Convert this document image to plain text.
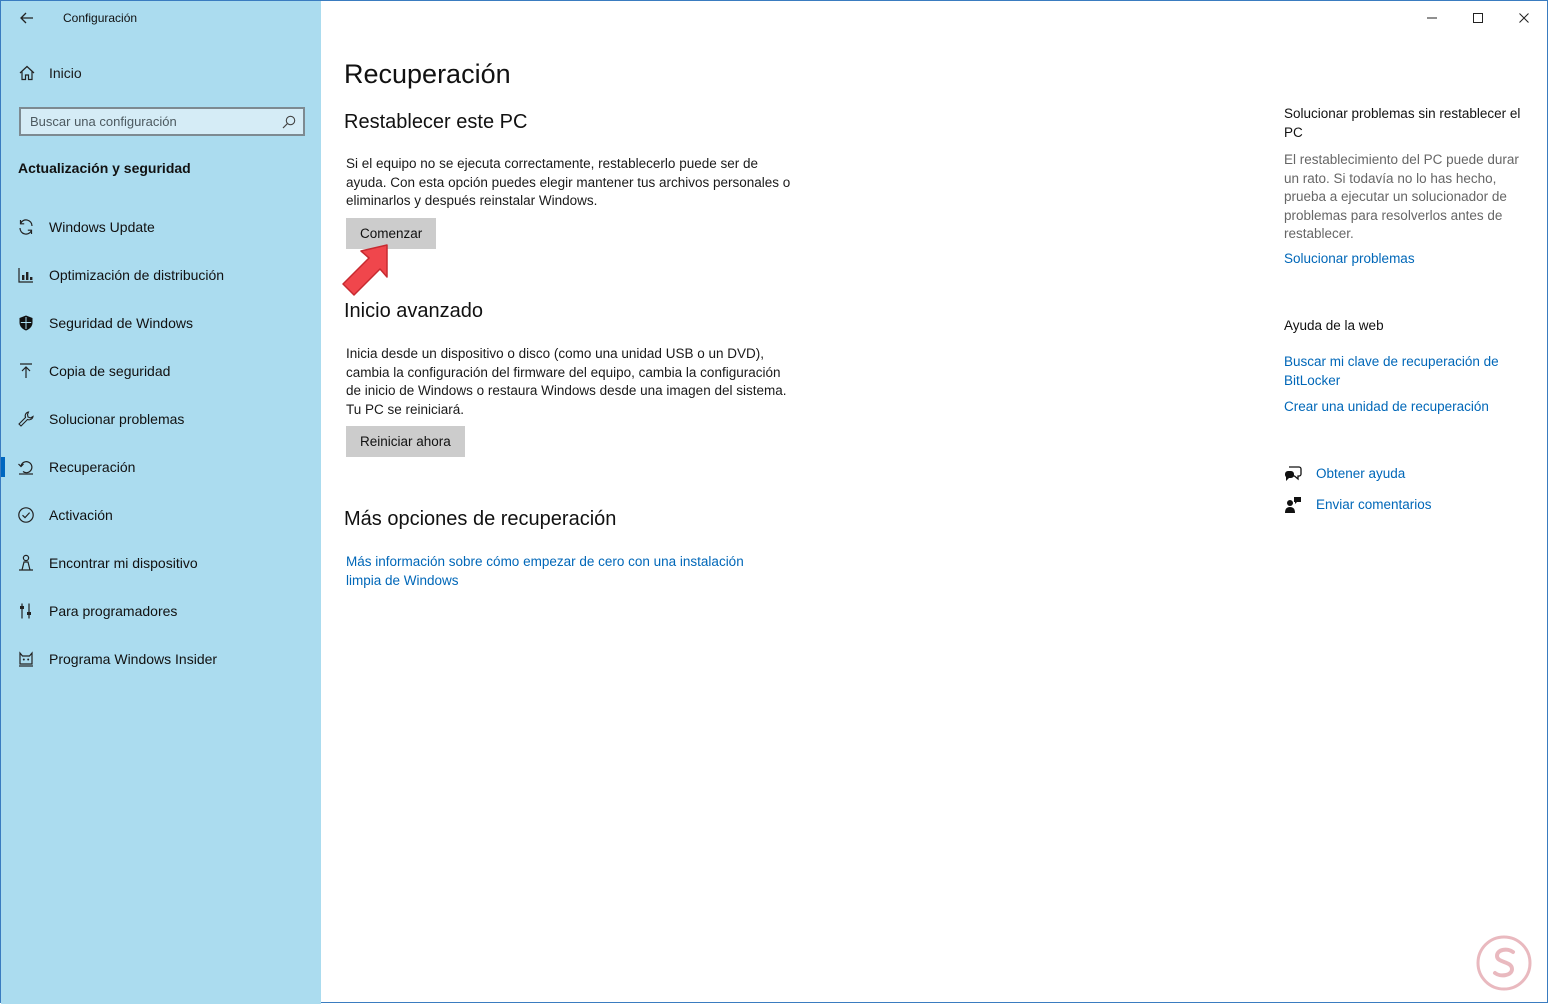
Configuración
Inicio
Buscar una configuración
Actualización y seguridad
Windows Update
Optimización de distribución
Seguridad de Windows
Copia de seguridad
Solucionar problemas
Recuperación
Activación
Encontrar mi dispositivo
Para programadores
Programa Windows Insider
Recuperación
Restablecer este PC
Si el equipo no se ejecuta correctamente, restablecerlo puede ser de ayuda. Con esta opción puedes elegir mantener tus archivos personales o eliminarlos y después reinstalar Windows.
Comenzar
Inicio avanzado
Inicia desde un dispositivo o disco (como una unidad USB o un DVD), cambia la configuración del firmware del equipo, cambia la configuración de inicio de Windows o restaura Windows desde una imagen del sistema. Tu PC se reiniciará.
Reiniciar ahora
Más opciones de recuperación
Más información sobre cómo empezar de cero con una instalación limpia de Windows
Solucionar problemas sin restablecer el PC
El restablecimiento del PC puede durar un rato. Si todavía no lo has hecho, prueba a ejecutar un solucionador de problemas para resolverlos antes de restablecer.
Solucionar problemas
Ayuda de la web
Buscar mi clave de recuperación de BitLocker
Crear una unidad de recuperación
Obtener ayuda
Enviar comentarios
